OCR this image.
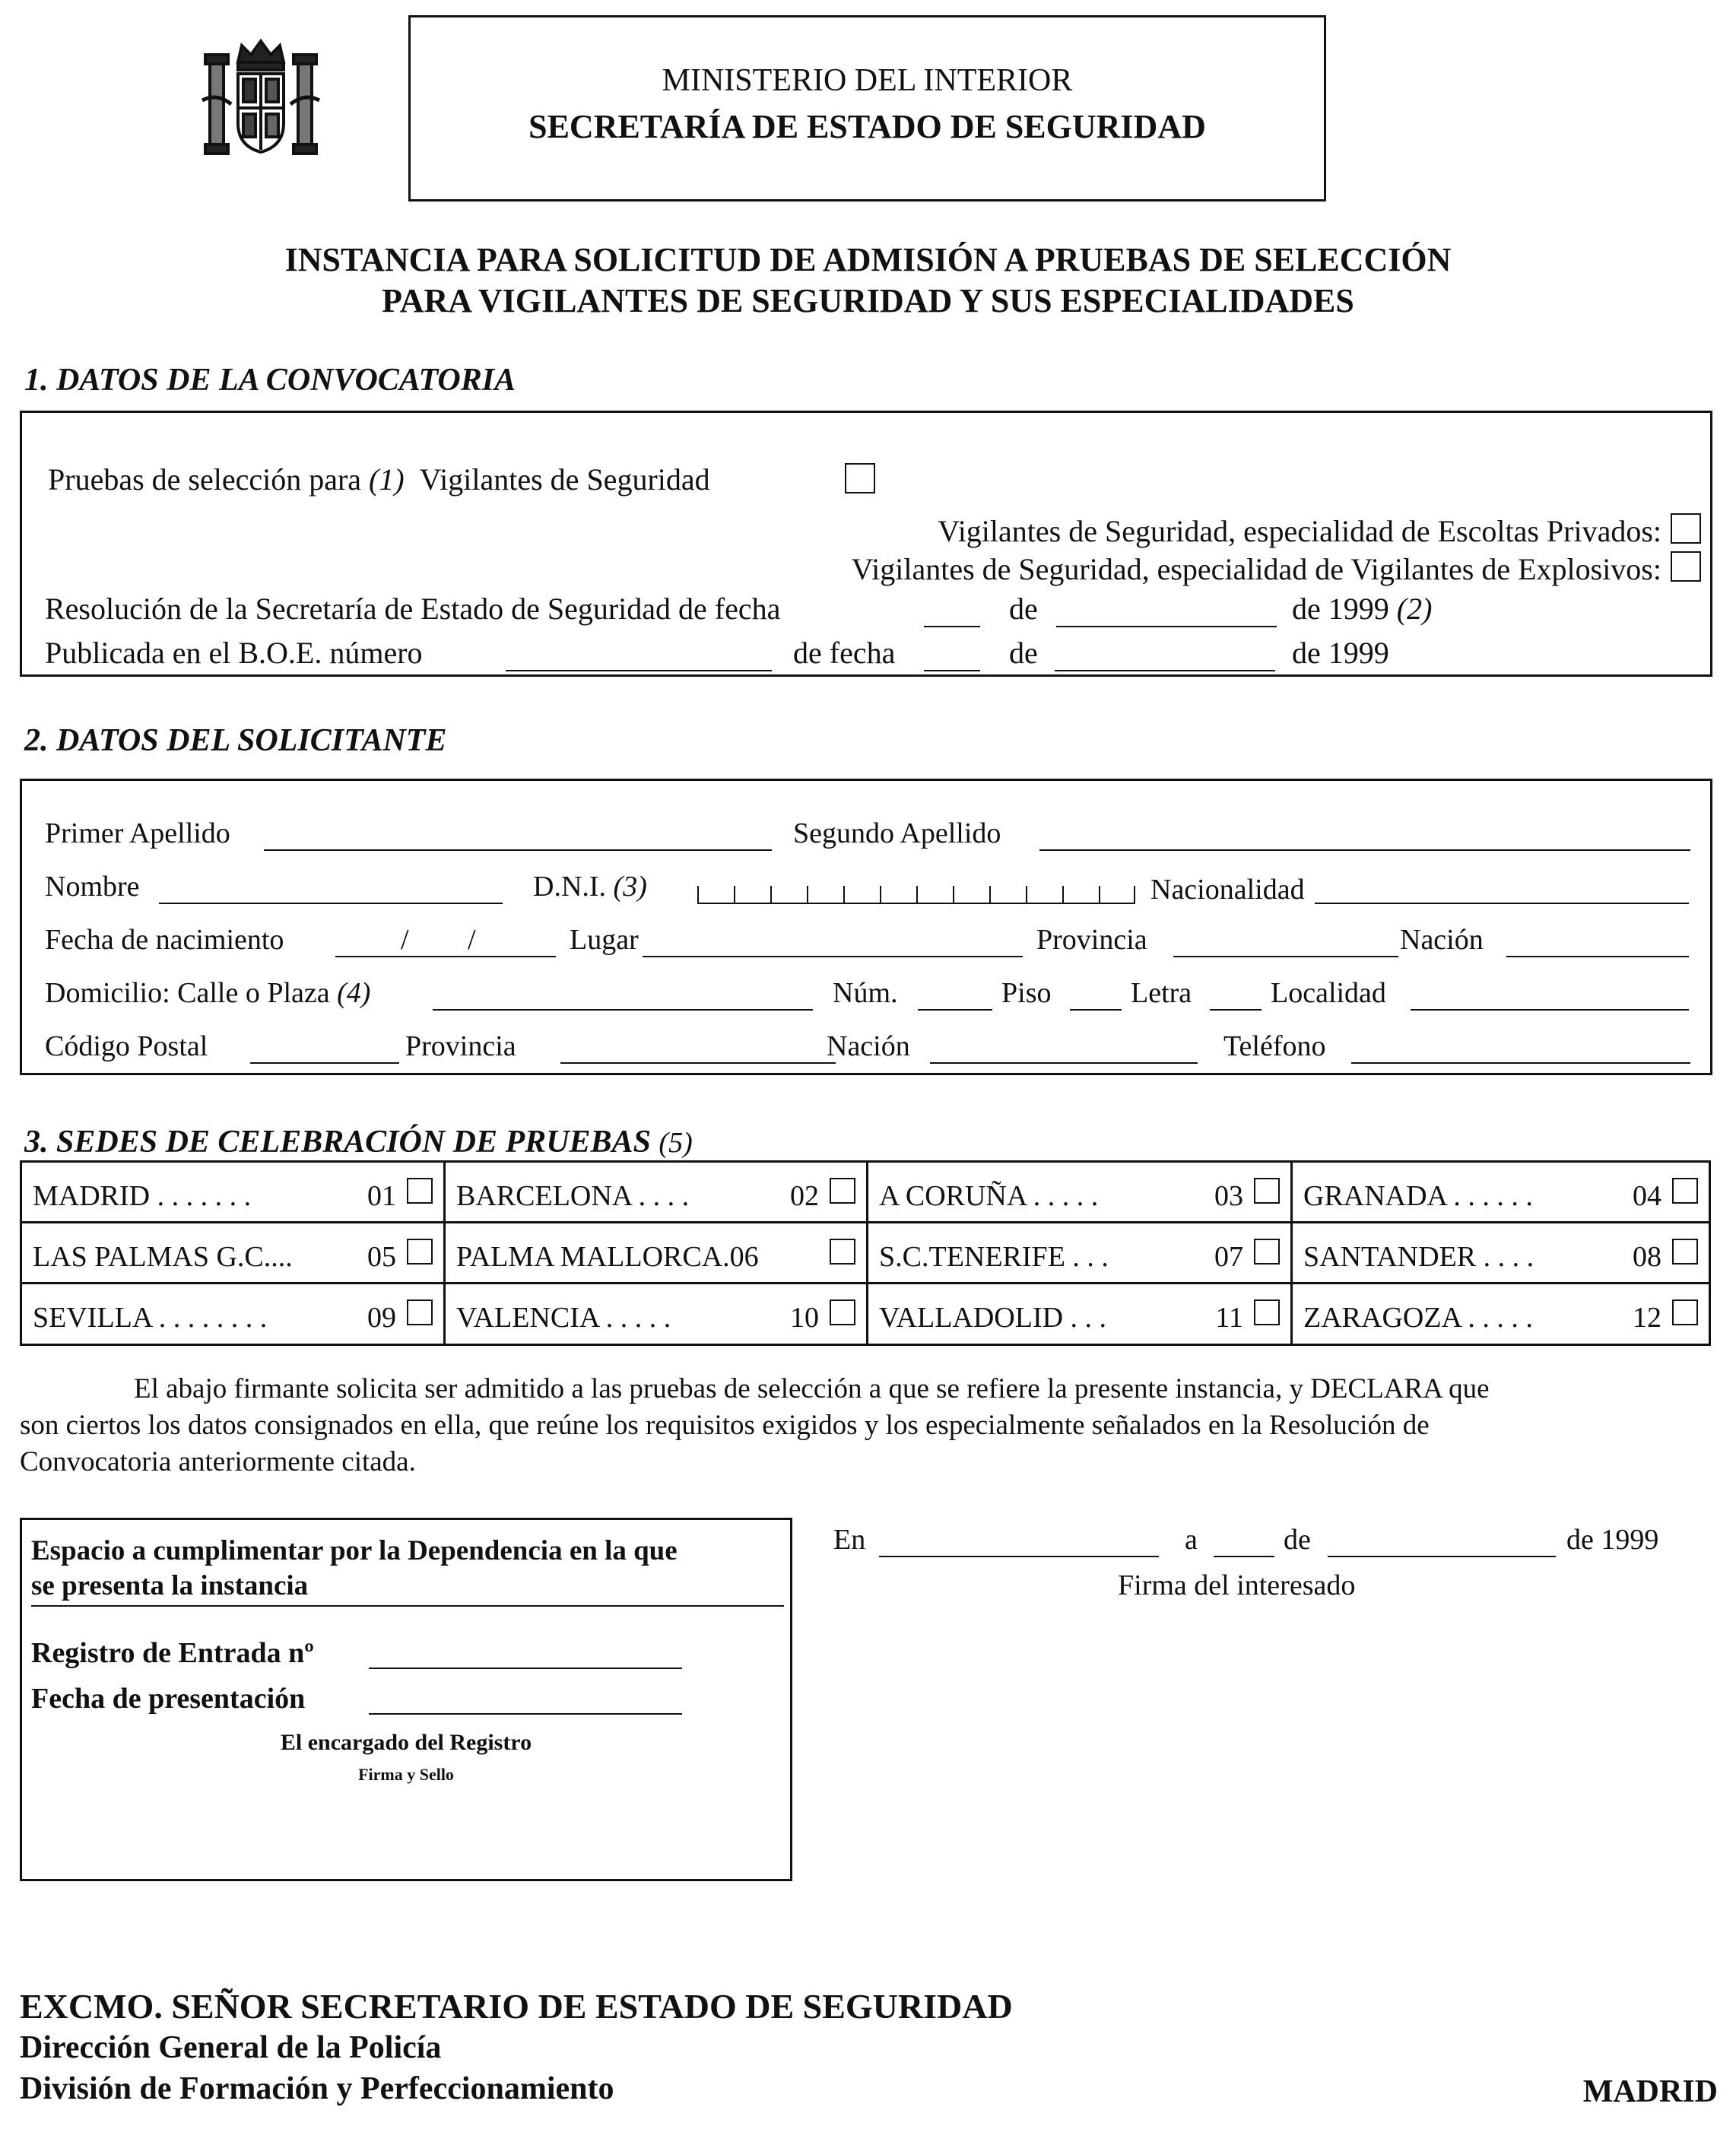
MINISTERIO DEL INTERIOR
SECRETARÍA DE ESTADO DE SEGURIDAD
INSTANCIA PARA SOLICITUD DE ADMISIÓN A PRUEBAS DE SELECCIÓN
PARA VIGILANTES DE SEGURIDAD Y SUS ESPECIALIDADES
1. DATOS DE LA CONVOCATORIA
Pruebas de selección para (1) Vigilantes de Seguridad
Vigilantes de Seguridad, especialidad de Escoltas Privados:
Vigilantes de Seguridad, especialidad de Vigilantes de Explosivos:
Resolución de la Secretaría de Estado de Seguridad de fecha	de	de 1999 (2)
Publicada en el B.O.E. número	de fecha	de	de 1999
2. DATOS DEL SOLICITANTE
Primer Apellido	Segundo Apellido
Nombre	D.N.I. (3)	Nacionalidad
Fecha de nacimiento	/ /	Lugar	Provincia	Nación
Domicilio: Calle o Plaza (4)	Núm.	Piso	Letra	Localidad
Código Postal	Provincia	Nación	Teléfono
3. SEDES DE CELEBRACIÓN DE PRUEBAS (5)
MADRID . . . . . . .	01 BARCELONA . . . .	02 A CORUÑA . . . . .	03 GRANADA . . . . . .	04
LAS PALMAS G.C....	05 PALMA MALLORCA.06	S.C.TENERIFE . . .	07 SANTANDER . . . .	08
SEVILLA . . . . . . . .	09 VALENCIA . . . . .	10 VALLADOLID . . .	11 ZARAGOZA . . . . .	12
El abajo firmante solicita ser admitido a las pruebas de selección a que se refiere la presente instancia, y DECLARA que
son ciertos los datos consignados en ella, que reúne los requisitos exigidos y los especialmente señalados en la Resolución de
Convocatoria anteriormente citada.
Espacio a cumplimentar por la Dependencia en la que
se presenta la instancia
Registro de Entrada nº
Fecha de presentación
El encargado del Registro
Firma y Sello
En	a	de	de 1999
Firma del interesado
EXCMO. SEÑOR SECRETARIO DE ESTADO DE SEGURIDAD
Dirección General de la Policía
División de Formación y Perfeccionamiento	MADRID
